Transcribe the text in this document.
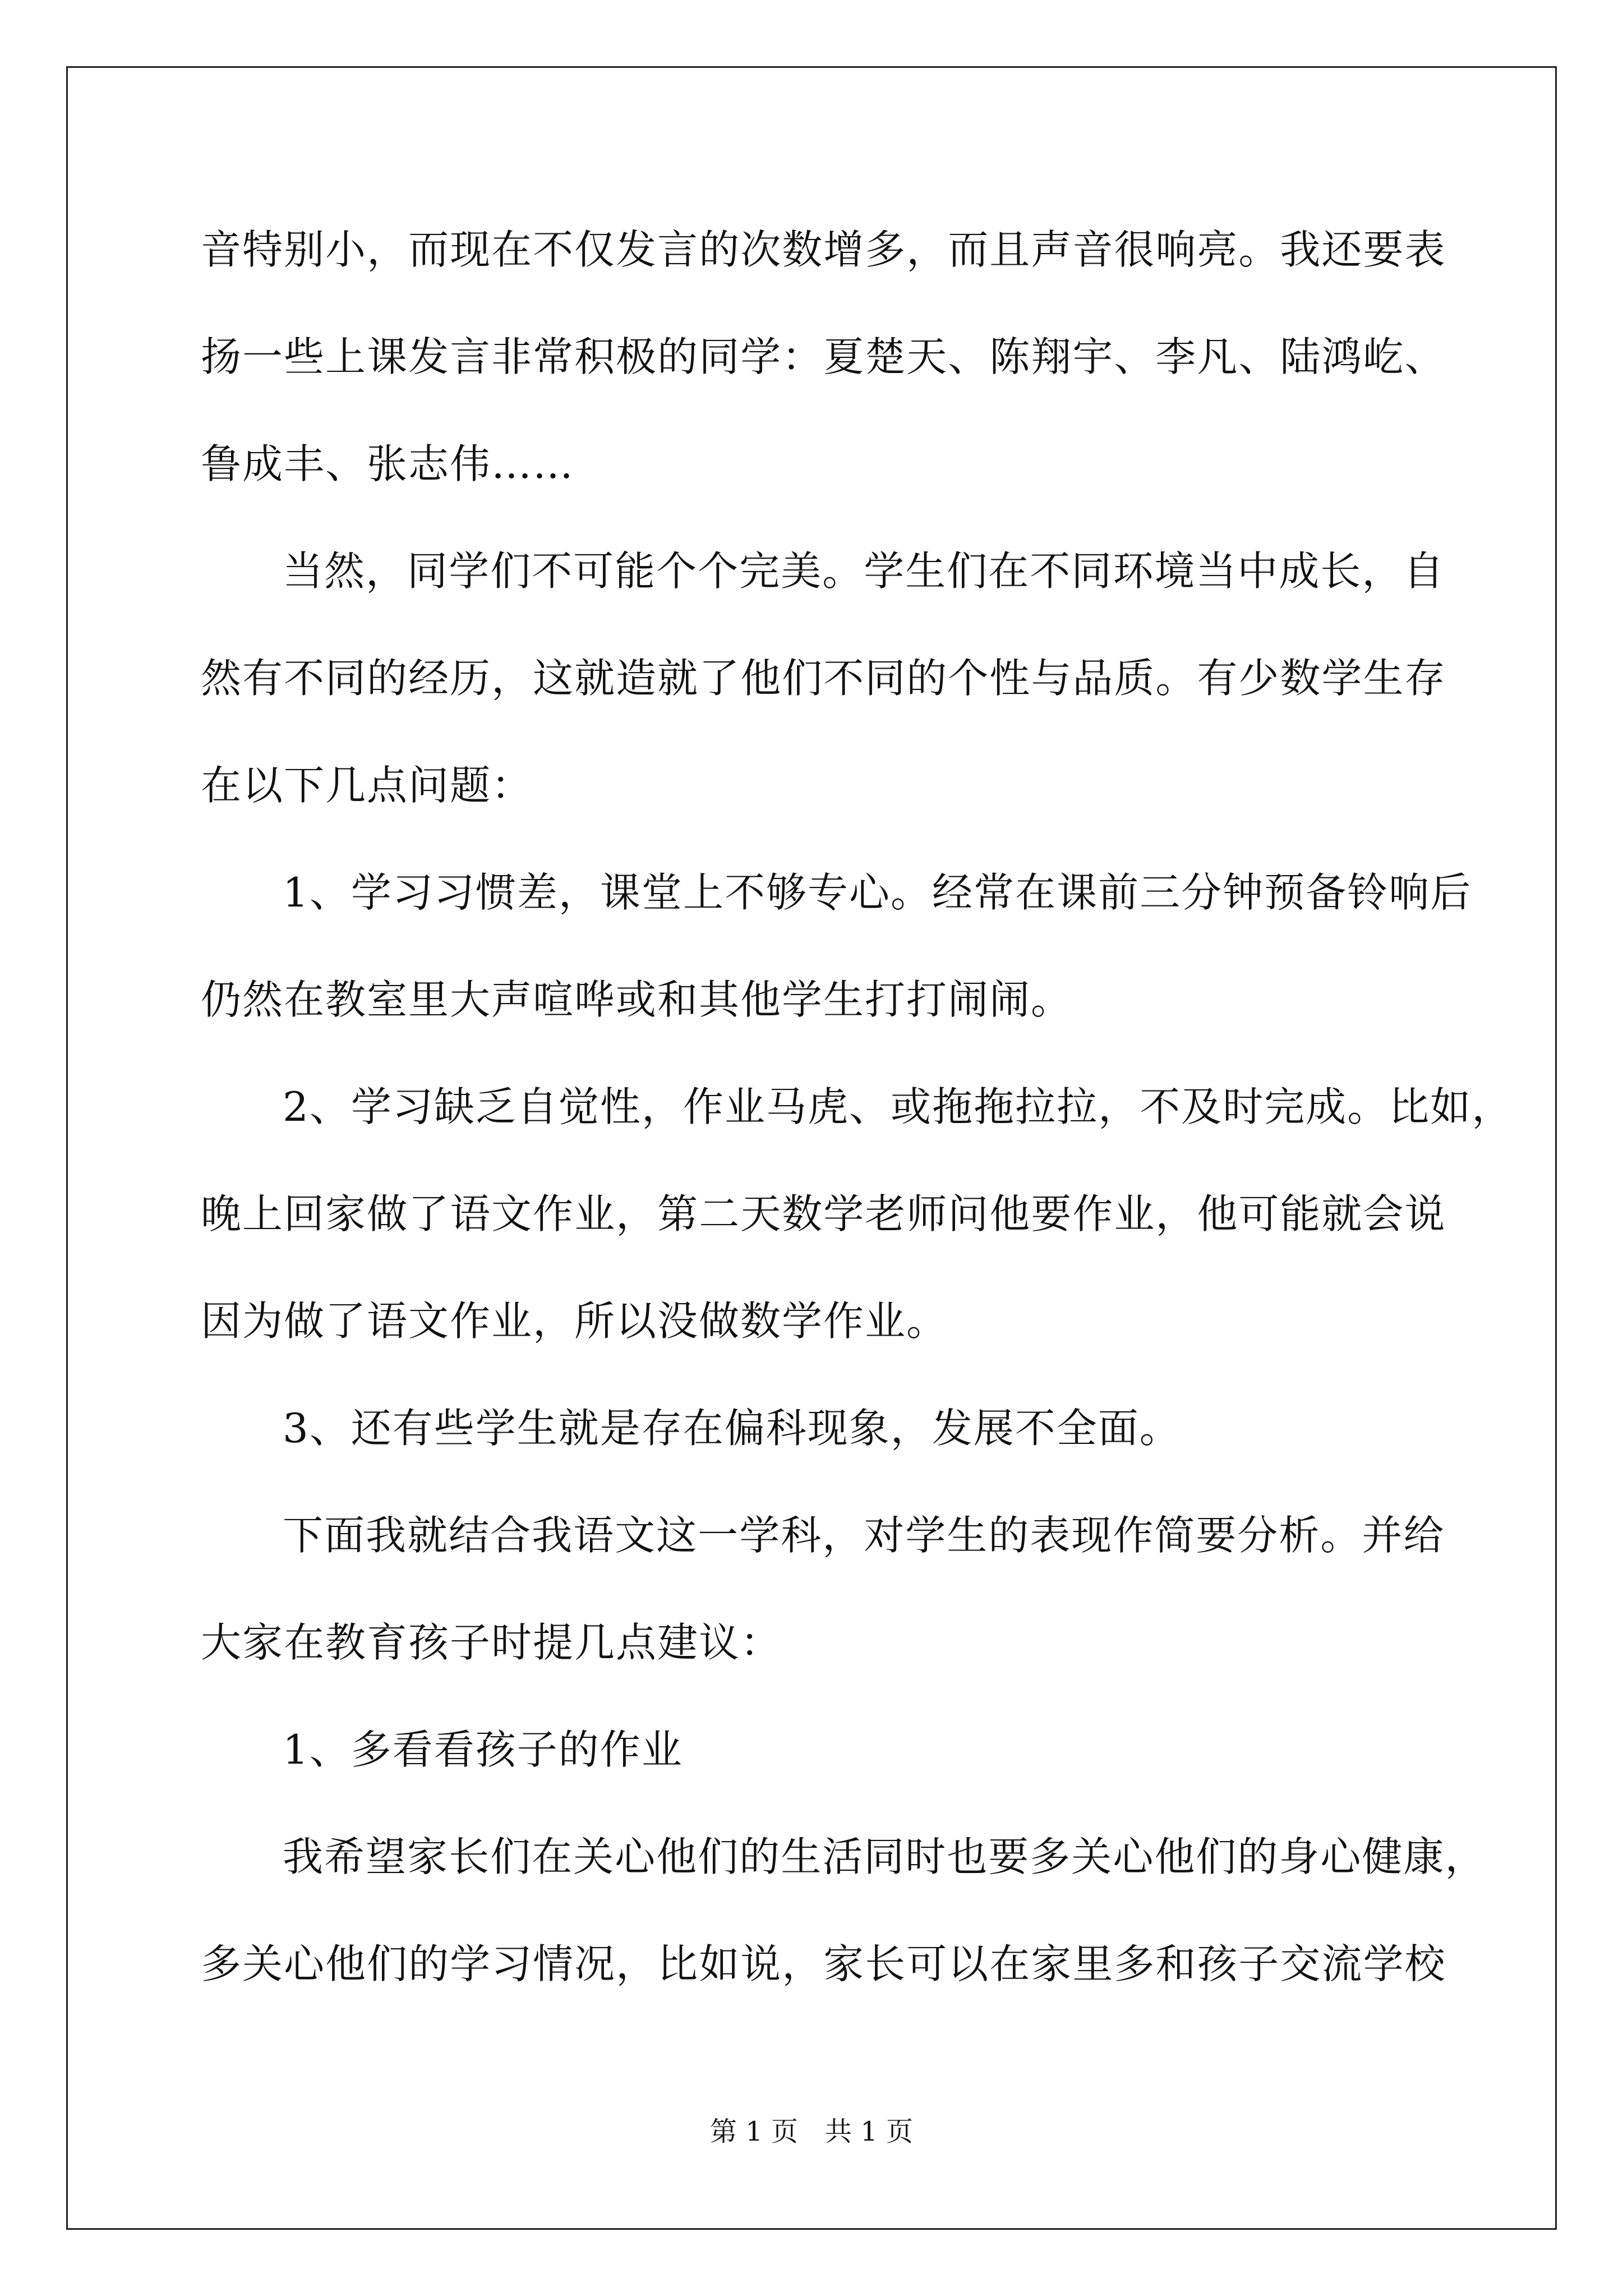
音 特 别 小 ， 而 现 在 不 仅 发 言 的 次 数 增 多 ， 而 且 声 音 很 响 亮 。 我 还 要 表
扬 一 些 上 课 发 言 非 常 积 极 的 同 学 ： 夏 楚 天 、 陈 翔 宇 、 李 凡 、 陆 鸿 屹 、
鲁成丰、张志伟……
当 然 ， 同 学 们 不 可 能 个 个 完 美 。 学 生 们 在 不 同 环 境 当 中 成 长 ， 自
然 有 不 同 的 经 历 ， 这 就 造 就 了 他 们 不 同 的 个 性 与 品 质 。 有 少 数 学 生 存
在以下几点问题：
1 、 学 习 习 惯 差 ， 课 堂 上 不 够 专 心 。 经 常 在 课 前 三 分 钟 预 备 铃 响 后
仍然在教室里大声喧哗或和其他学生打打闹闹。
2 、 学 习 缺 乏 自 觉 性 ， 作 业 马 虎 、 或 拖 拖 拉 拉 ， 不 及 时 完 成 。 比 如 ，
晚 上 回 家 做 了 语 文 作 业 ， 第 二 天 数 学 老 师 问 他 要 作 业 ， 他 可 能 就 会 说
因为做了语文作业，所以没做数学作业。
3、还有些学生就是存在偏科现象，发展不全面。
下 面 我 就 结 合 我 语 文 这 一 学 科 ， 对 学 生 的 表 现 作 简 要 分 析 。 并 给
大家在教育孩子时提几点建议：
1、多看看孩子的作业
我 希 望 家 长 们 在 关 心 他 们 的 生 活 同 时 也 要 多 关 心 他 们 的 身 心 健 康 ，
多 关 心 他 们 的 学 习 情 况 ， 比 如 说 ， 家 长 可 以 在 家 里 多 和 孩 子 交 流 学 校
第 1 页　共 1 页
